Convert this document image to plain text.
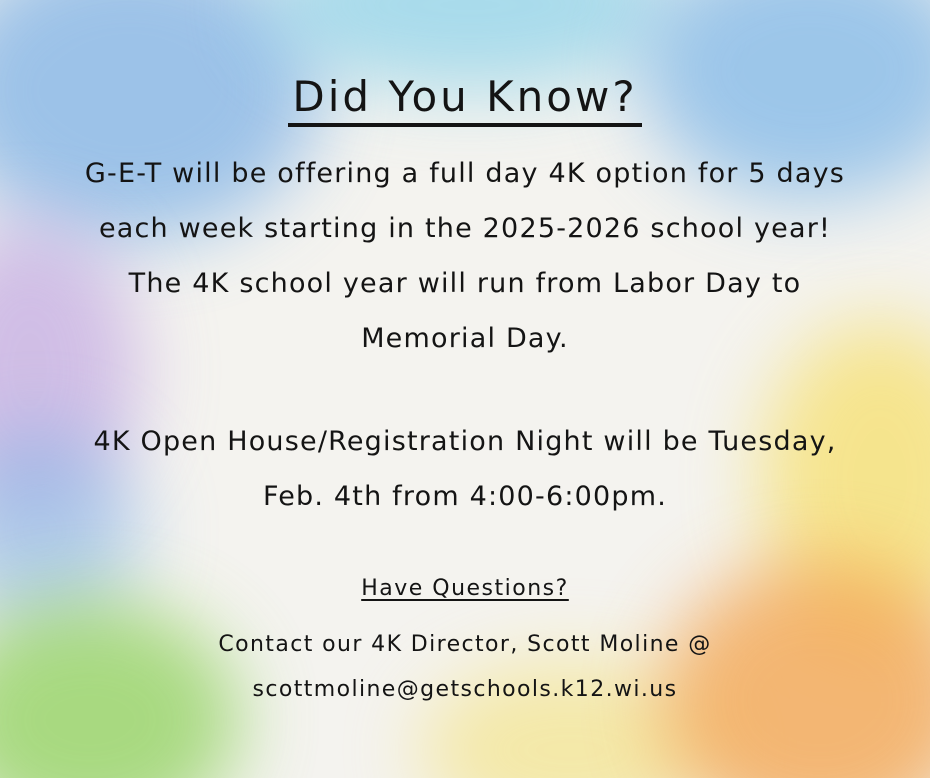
Did You Know?

G-E-T will be offering a full day 4K option for 5 days each week starting in the 2025-2026 school year! The 4K school year will run from Labor Day to Memorial Day.

4K Open House/Registration Night will be Tuesday, Feb. 4th from 4:00-6:00pm.

Have Questions?
Contact our 4K Director, Scott Moline @
scottmoline@getschools.k12.wi.us
